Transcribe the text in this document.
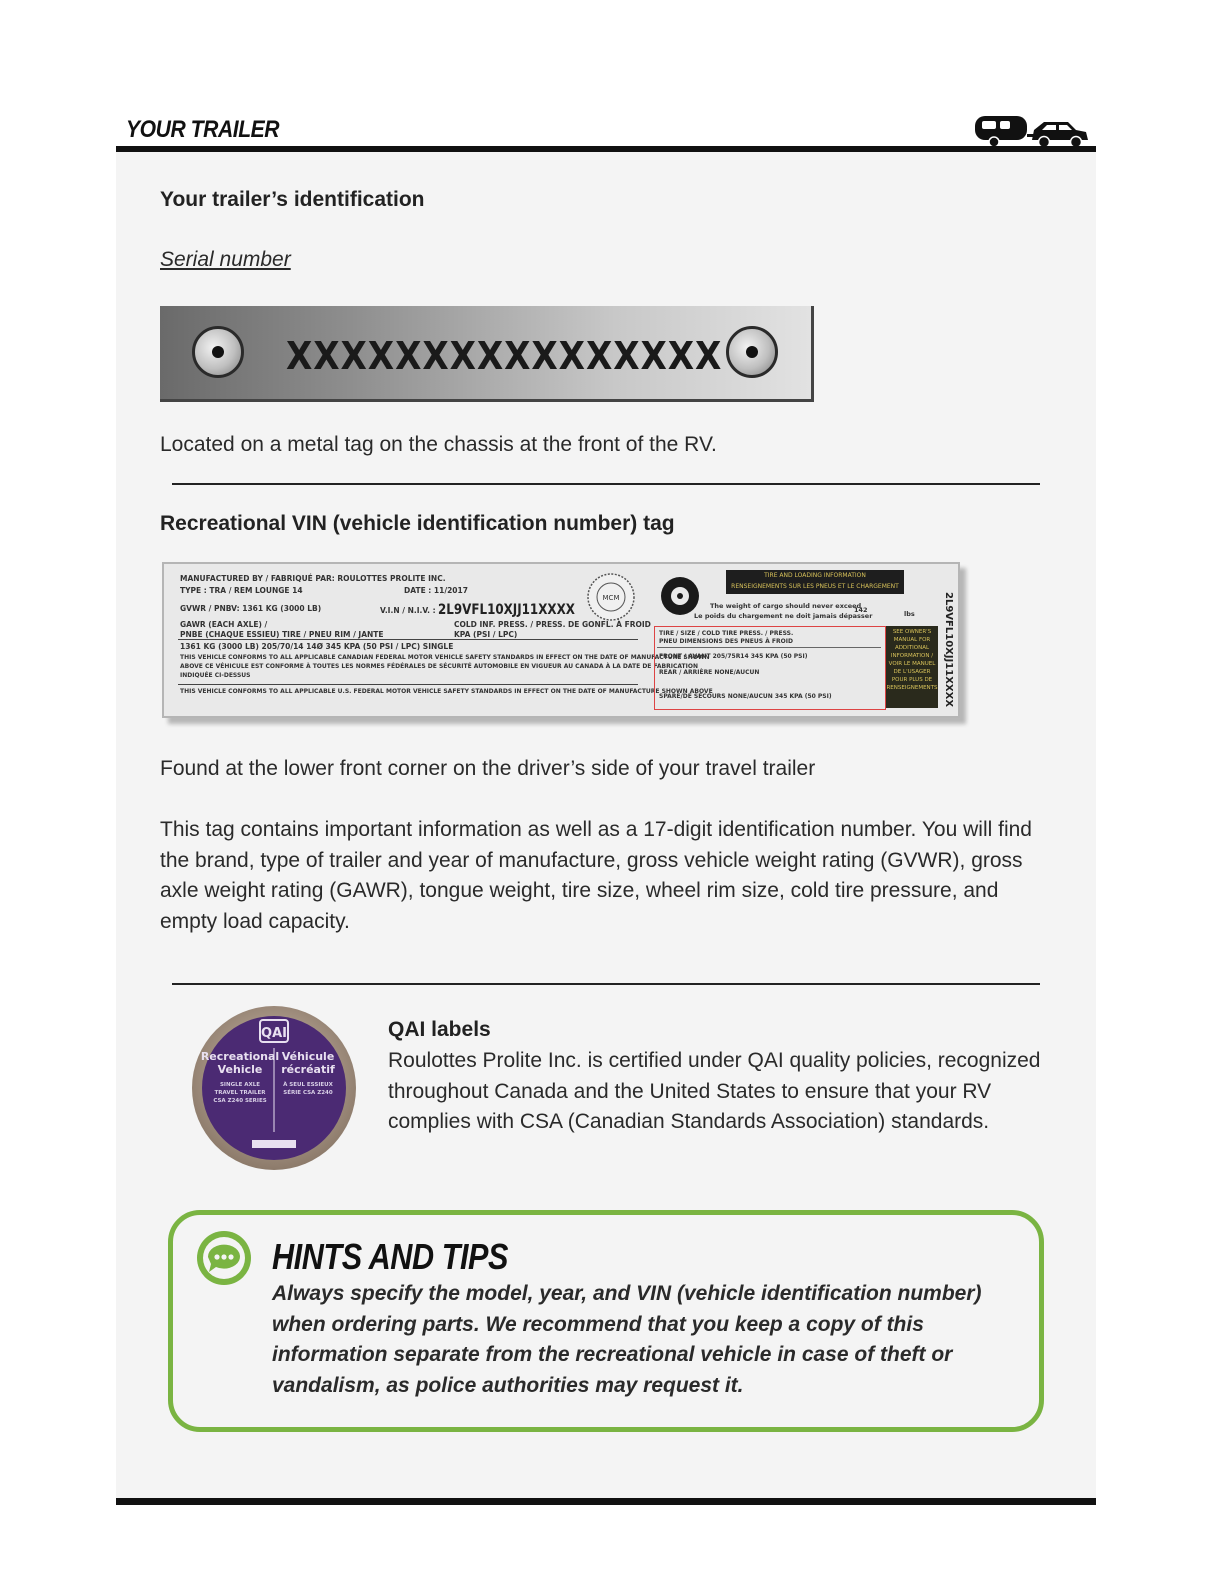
YOUR TRAILER
Your trailer’s identification
Serial number
XXXXXXXXXXXXXXXX
Located on a metal tag on the chassis at the front of the RV.
Recreational VIN (vehicle identification number) tag
MANUFACTURED BY / FABRIQUÉ PAR: ROULOTTES PROLITE INC.
TYPE : TRA / REM LOUNGE 14	DATE : 11/2017
GVWR / PNBV: 1361 KG (3000 LB)	V.I.N / N.I.V. : 2L9VFL10XJJ11XXXX
GAWR (EACH AXLE) /	COLD INF. PRESS. / PRESS. DE GONFL. À FROID
PNBE (CHAQUE ESSIEU) TIRE / PNEU RIM / JANTE	KPA (PSI / LPC)
1361 KG (3000 LB) 205/70/14 14Ø 345 KPA (50 PSI / LPC) SINGLE
THIS VEHICLE CONFORMS TO ALL APPLICABLE CANADIAN FEDERAL MOTOR VEHICLE SAFETY STANDARDS IN EFFECT ON THE DATE OF MANUFACTURE SHOWN
ABOVE CE VÉHICULE EST CONFORME À TOUTES LES NORMES FÉDÉRALES DE SÉCURITÉ AUTOMOBILE EN VIGUEUR AU CANADA À LA DATE DE FABRICATION
INDIQUÉE CI-DESSUS
THIS VEHICLE CONFORMS TO ALL APPLICABLE U.S. FEDERAL MOTOR VEHICLE SAFETY STANDARDS IN EFFECT ON THE DATE OF MANUFACTURE SHOWN ABOVE
MCM
TIRE AND LOADING INFORMATION
RENSEIGNEMENTS SUR LES PNEUS ET LE CHARGEMENT
The weight of cargo should never exceed
Le poids du chargement ne doit jamais dépasser
142	lbs
TIRE / SIZE / COLD TIRE PRESS. / PRESS.
PNEU DIMENSIONS DES PNEUS À FROID
FRONT / AVANT 205/75R14 345 KPA (50 PSI)
REAR / ARRIÈRE NONE/AUCUN
SPARE/DE SECOURS NONE/AUCUN 345 KPA (50 PSI)
SEE OWNER'S MANUAL FOR ADDITIONAL INFORMATION / VOIR LE MANUEL DE L'USAGER POUR PLUS DE RENSEIGNEMENTS 2L9VFL10XJJ11XXXX
Found at the lower front corner on the driver’s side of your travel trailer
This tag contains important information as well as a 17-digit identification number. You will find the brand, type of trailer and year of manufacture, gross vehicle weight rating (GVWR), gross axle weight rating (GAWR), tongue weight, tire size, wheel rim size, cold tire pressure, and empty load capacity.
QAI
Recreational Vehicle
Véhicule récréatif
SINGLE AXLE TRAVEL TRAILER CSA Z240 SERIES
À SEUL ESSIEUX SÉRIE CSA Z240
QAI labels
Roulottes Prolite Inc. is certified under QAI quality policies, recognized throughout Canada and the United States to ensure that your RV complies with CSA (Canadian Standards Association) standards.
HINTS AND TIPS
Always specify the model, year, and VIN (vehicle identification number) when ordering parts. We recommend that you keep a copy of this information separate from the recreational vehicle in case of theft or vandalism, as police authorities may request it.
